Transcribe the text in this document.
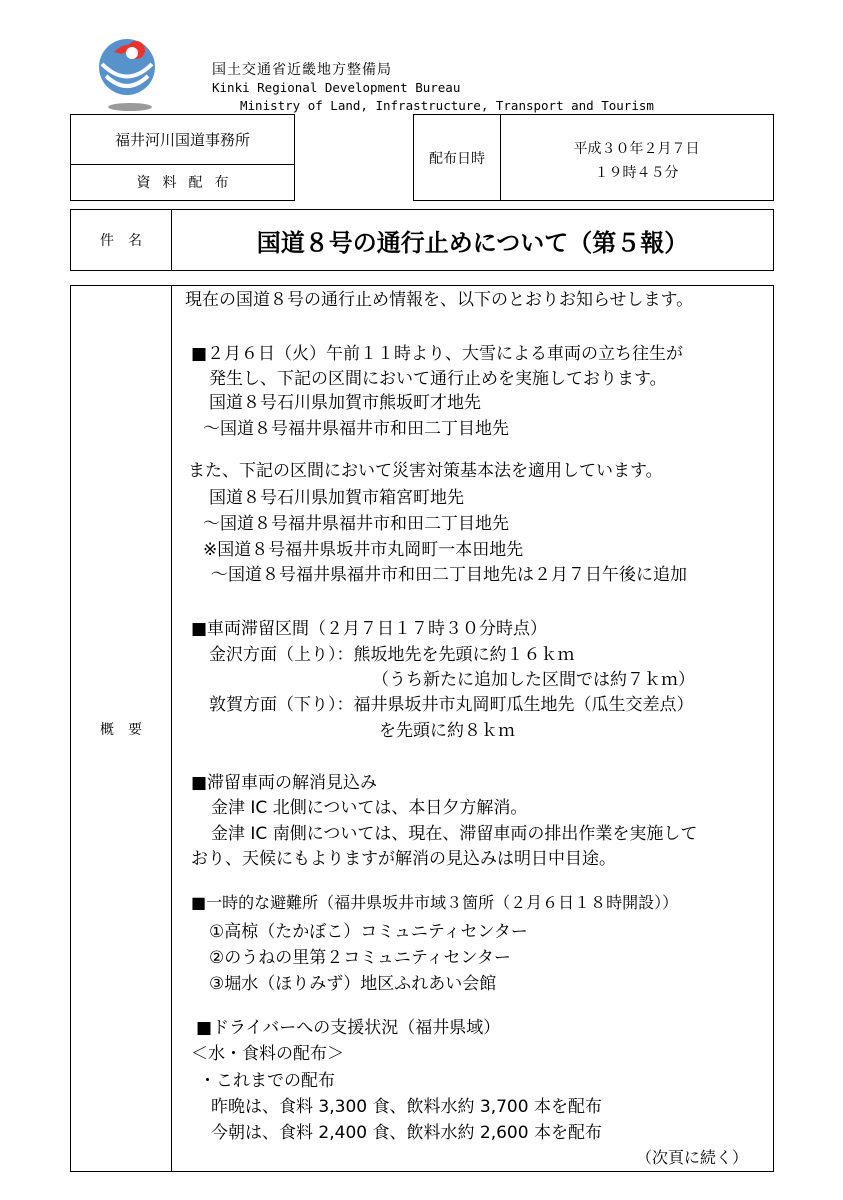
国土交通省近畿地方整備局
Kinki Regional Development Bureau
Ministry of Land, Infrastructure, Transport and Tourism
福井河川国道事務所
資料配布
配布日時
平成３０年２月７日
１９時４５分
件名	国道８号の通行止めについて（第５報）
概要
現在の国道８号の通行止め情報を、以下のとおりお知らせします。
■２月６日（火）午前１１時より、大雪による車両の立ち往生が
発生し、下記の区間において通行止めを実施しております。
国道８号石川県加賀市熊坂町才地先
～国道８号福井県福井市和田二丁目地先
また、下記の区間において災害対策基本法を適用しています。
国道８号石川県加賀市箱宮町地先
～国道８号福井県福井市和田二丁目地先
※国道８号福井県坂井市丸岡町一本田地先
～国道８号福井県福井市和田二丁目地先は２月７日午後に追加
■車両滞留区間（２月７日１７時３０分時点）
金沢方面（上り）：熊坂地先を先頭に約１６ｋｍ
（うち新たに追加した区間では約７ｋｍ）
敦賀方面（下り）：福井県坂井市丸岡町瓜生地先（瓜生交差点）
を先頭に約８ｋｍ
■滞留車両の解消見込み
金津 IC 北側については、本日夕方解消。
金津 IC 南側については、現在、滞留車両の排出作業を実施して
おり、天候にもよりますが解消の見込みは明日中目途。
■一時的な避難所（福井県坂井市域３箇所（２月６日１８時開設））
①高椋（たかぼこ）コミュニティセンター
②のうねの里第２コミュニティセンター
③堀水（ほりみず）地区ふれあい会館
■ドライバーへの支援状況（福井県域）
＜水・食料の配布＞
・これまでの配布
昨晩は、食料 3,300 食、飲料水約 3,700 本を配布
今朝は、食料 2,400 食、飲料水約 2,600 本を配布
（次頁に続く）
